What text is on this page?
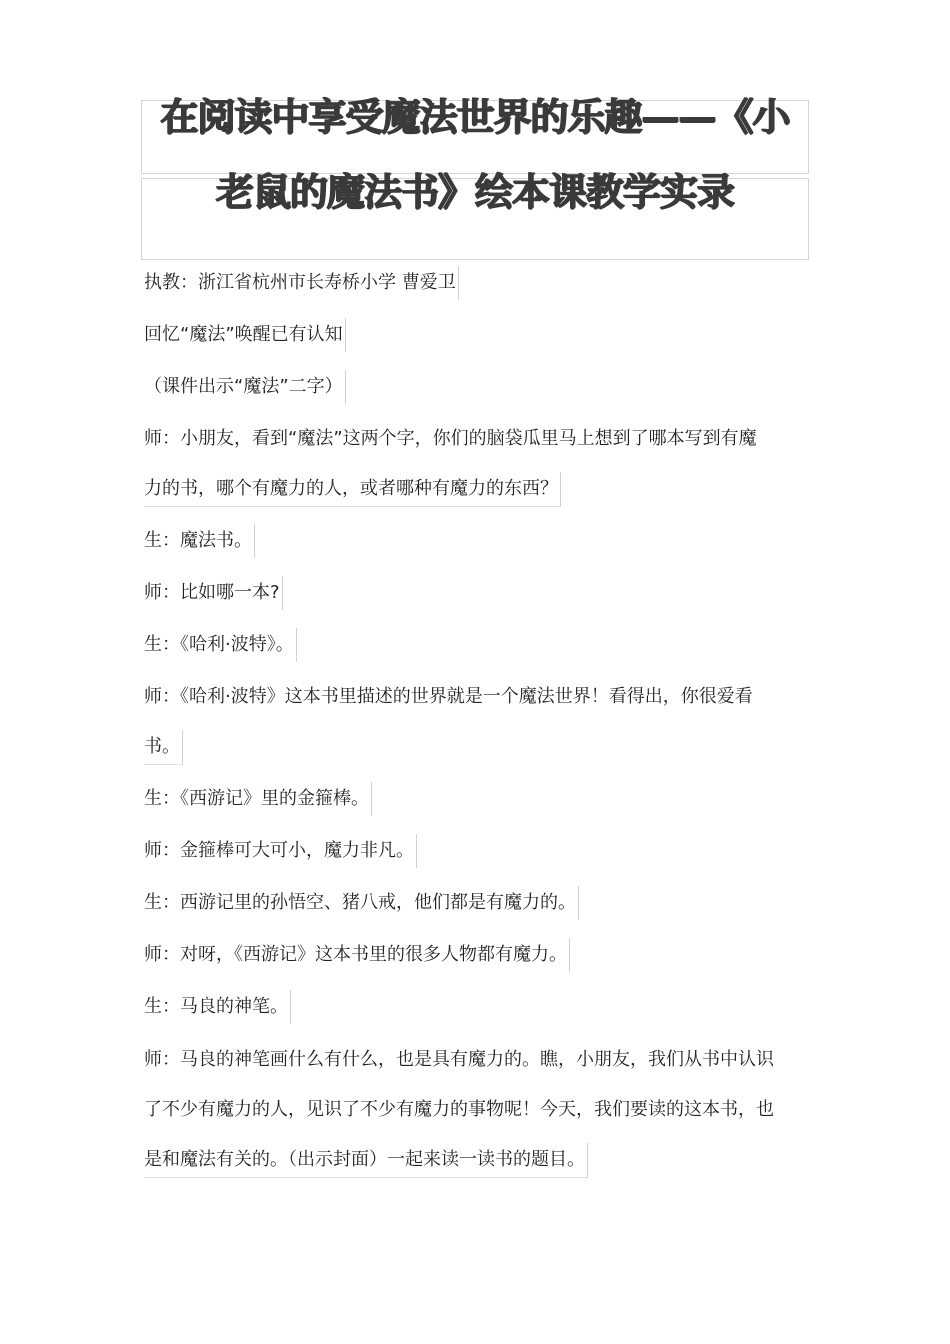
在阅读中享受魔法世界的乐趣——《小
老鼠的魔法书》绘本课教学实录
执教：浙江省杭州市长寿桥小学 曹爱卫
回忆“魔法”唤醒已有认知
（课件出示“魔法”二字）
师：小朋友，看到“魔法”这两个字，你们的脑袋瓜里马上想到了哪本写到有魔
力的书，哪个有魔力的人，或者哪种有魔力的东西？
生：魔法书。
师：比如哪一本?
生：《哈利·波特》。
师：《哈利·波特》这本书里描述的世界就是一个魔法世界！看得出，你很爱看
书。
生：《西游记》里的金箍棒。
师：金箍棒可大可小，魔力非凡。
生：西游记里的孙悟空、猪八戒，他们都是有魔力的。
师：对呀，《西游记》这本书里的很多人物都有魔力。
生：马良的神笔。
师：马良的神笔画什么有什么，也是具有魔力的。瞧，小朋友，我们从书中认识
了不少有魔力的人，见识了不少有魔力的事物呢！今天，我们要读的这本书，也
是和魔法有关的。（出示封面）一起来读一读书的题目。
